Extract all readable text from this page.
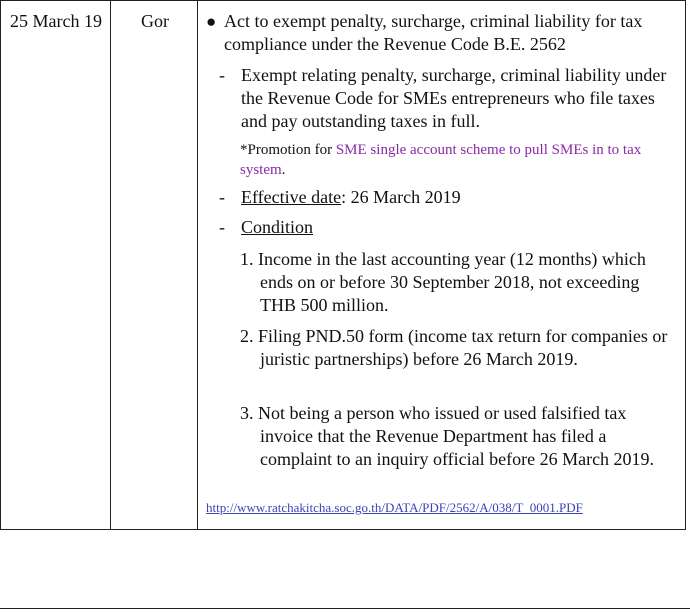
25 March 19	Gor	● Act to exempt penalty, surcharge, criminal liability for tax compliance under the Revenue Code B.E. 2562
- Exempt relating penalty, surcharge, criminal liability under the Revenue Code for SMEs entrepreneurs who file taxes and pay outstanding taxes in full.
*Promotion for SME single account scheme to pull SMEs in to tax system.
- Effective date: 26 March 2019
- Condition
1. Income in the last accounting year (12 months) which ends on or before 30 September 2018, not exceeding THB 500 million.
2. Filing PND.50 form (income tax return for companies or juristic partnerships) before 26 March 2019.
3. Not being a person who issued or used falsified tax invoice that the Revenue Department has filed a complaint to an inquiry official before 26 March 2019.
http://www.ratchakitcha.soc.go.th/DATA/PDF/2562/A/038/T_0001.PDF
